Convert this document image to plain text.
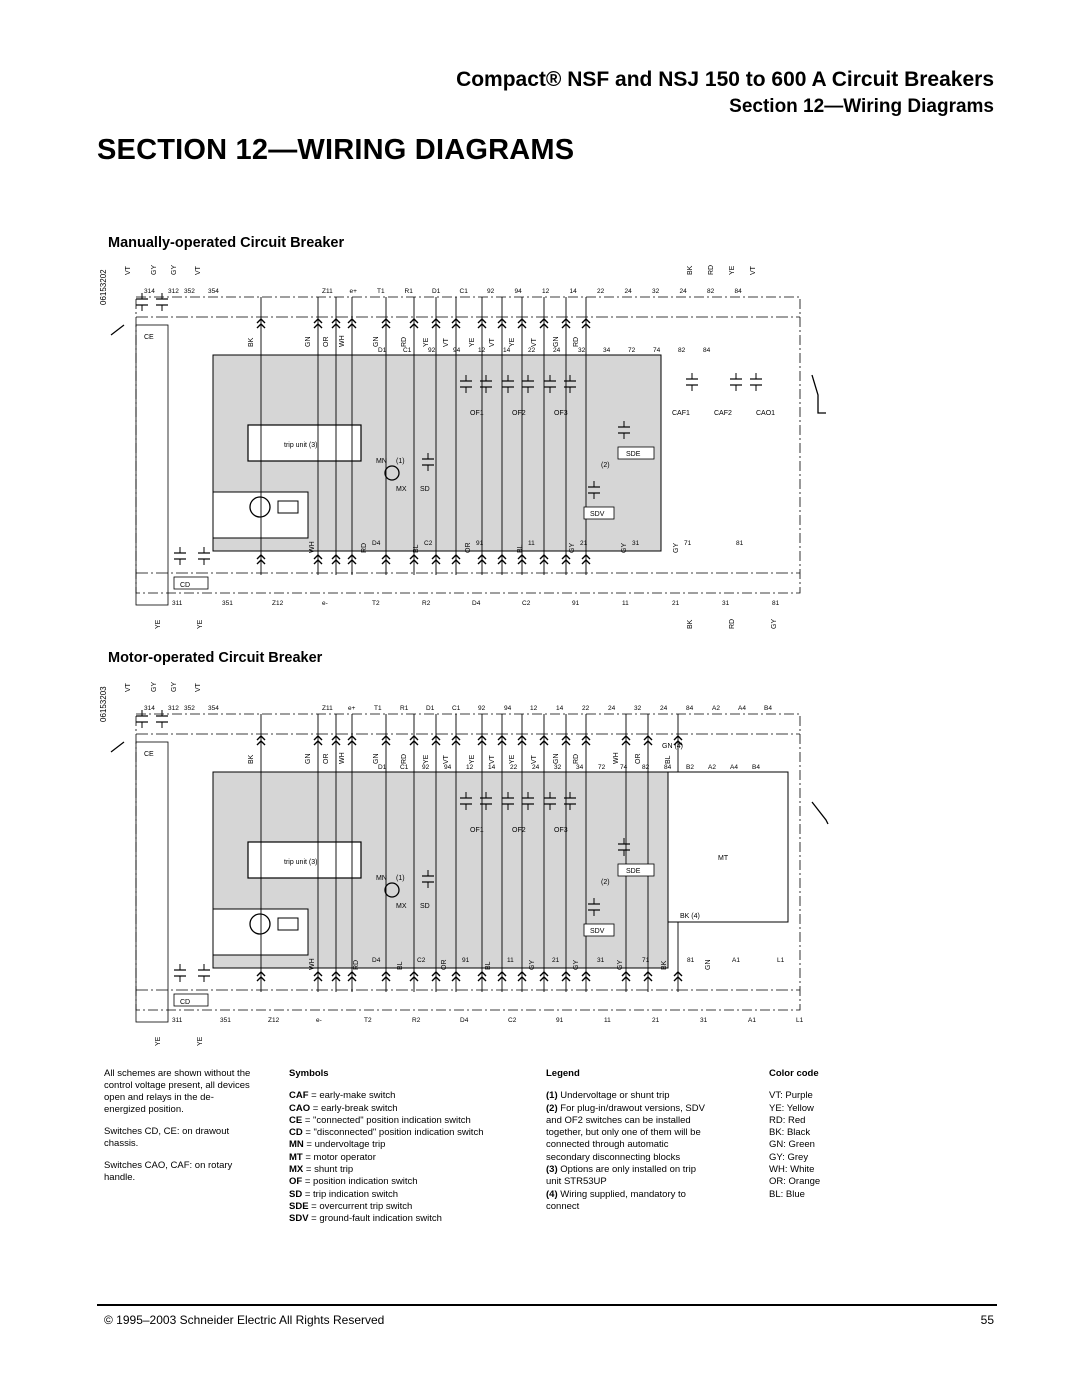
Compact® NSF and NSJ 150 to 600 A Circuit Breakers
Section 12—Wiring Diagrams
SECTION 12—WIRING DIAGRAMS
Manually-operated Circuit Breaker
06153202
trip unit (3)
VT	GY GY VT
314 312 352 354
CE
CD
BK	GN OR WH	GN	RD YE VT	YE VT YE VT GN RD
Z11	e+	T1	R1	D1	C1	92	94	12	14	22	24	32	24	82	84
D1	C1	92	94	12	14	22	24	32	34	72	74	82	84
OF1	OF2	OF3
MN (1)
MX SD
SDE
(2)
SDV
WH	RD	BL	OR	BL	GY	GY	GY
D4	C2	91	11	21	31	71	81
311	351	Z12	e-	T2	R2	D4	C2	91	11	21	31	81
YE	YE
BK RD YE VT
CAF1	CAF2	CAO1
BK	RD	GY
Motor-operated Circuit Breaker
06153203
trip unit (3)
VT	GY GY VT
314 312 352 354
CE
CD
BK	GN OR WH	GN	RD YE VT	YE VT YE VT GN RD	WH OR	BL
Z11 e+	T1	R1	D1	C1	92	94	12	14	22	24	32	24	84	A2	A4	B4
D1 C1 92 94 12 14 22 24 32 34 72 74 82 84 B2 A2 A4 B4
OF1	OF2	OF3
MN (1)
MX SD
SDE
(2)
SDV
WH	RD	BL	OR	BL	GY	GY	GY	BK	GN
D4	C2	91	11	21	31	71	81	A1	L1
311	351	Z12	e-	T2	R2	D4	C2	91	11	21	31	A1	L1
YE	YE
MT
GN (4)
BK (4)

All schemes are shown without the control voltage present, all devices open and relays in the de-energized position.

Switches CD, CE: on drawout chassis.

Switches CAO, CAF: on rotary handle.

Symbols
CAF = early-make switch
CAO = early-break switch
CE = "connected" position indication switch
CD = "disconnected" position indication switch
MN = undervoltage trip
MT = motor operator
MX = shunt trip
OF = position indication switch
SD = trip indication switch
SDE = overcurrent trip switch
SDV = ground-fault indication switch
Legend
(1) Undervoltage or shunt trip
(2) For plug-in/drawout versions, SDV
and OF2 switches can be installed
together, but only one of them will be
connected through automatic
secondary disconnecting blocks
(3) Options are only installed on trip
unit STR53UP
(4) Wiring supplied, mandatory to
connect
Color code
VT: Purple
YE: Yellow
RD: Red
BK: Black
GN: Green
GY: Grey
WH: White
OR: Orange
BL: Blue
© 1995–2003 Schneider Electric All Rights Reserved	55
